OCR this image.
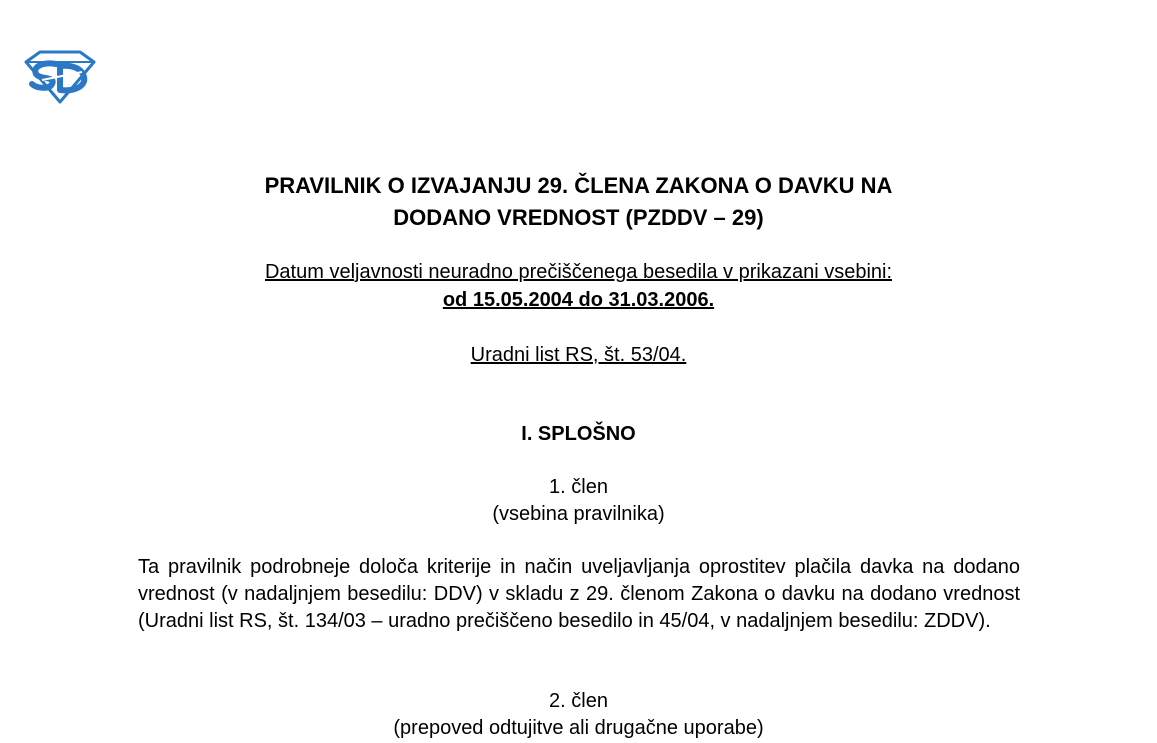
PRAVILNIK O IZVAJANJU 29. ČLENA ZAKONA O DAVKU NA
DODANO VREDNOST (PZDDV – 29)
Datum veljavnosti neuradno prečiščenega besedila v prikazani vsebini:
od 15.05.2004 do 31.03.2006.
Uradni list RS, št. 53/04.
I. SPLOŠNO
1. člen
(vsebina pravilnika)

Ta pravilnik podrobneje določa kriterije in način uveljavljanja oprostitev plačila davka na dodano vrednost (v nadaljnjem besedilu: DDV) v skladu z 29. členom Zakona o davku na dodano vrednost (Uradni list RS, št. 134/03 – uradno prečiščeno besedilo in 45/04, v nadaljnjem besedilu: ZDDV).

2. člen
(prepoved odtujitve ali drugačne uporabe)
